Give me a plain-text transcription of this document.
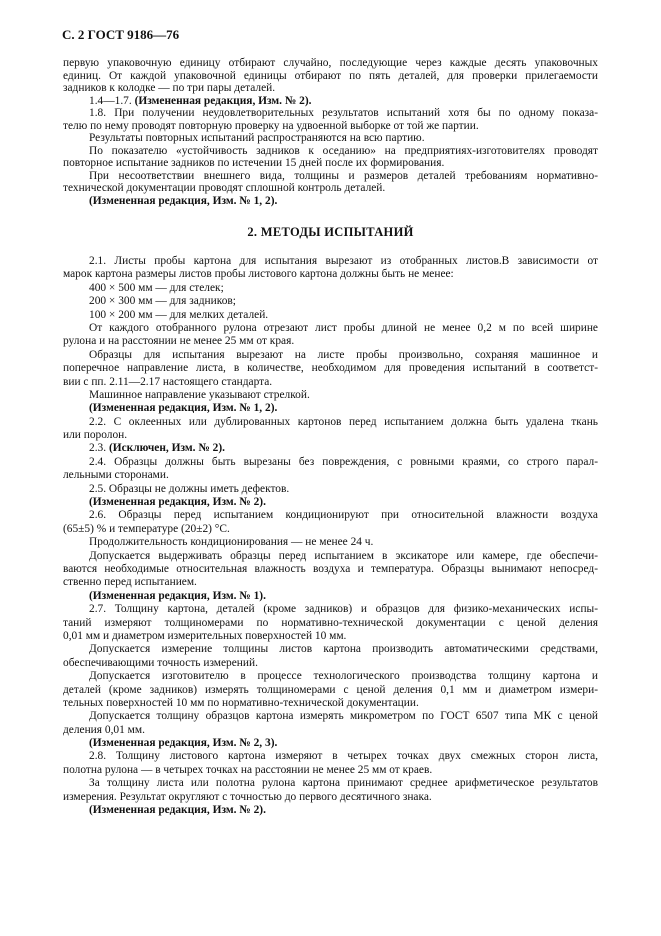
С. 2 ГОСТ 9186—76
первую упаковочную единицу отбирают случайно, последующие через каждые десять упаковочных
единиц. От каждой упаковочной единицы отбирают по пять деталей, для проверки прилегаемости
задников к колодке — по три пары деталей.
1.4—1.7. (Измененная редакция, Изм. № 2).
1.8. При получении неудовлетворительных результатов испытаний хотя бы по одному показа-
телю по нему проводят повторную проверку на удвоенной выборке от той же партии.
Результаты повторных испытаний распространяются на всю партию.
По показателю «устойчивость задников к оседанию» на предприятиях-изготовителях проводят
повторное испытание задников по истечении 15 дней после их формирования.
При несоответствии внешнего вида, толщины и размеров деталей требованиям нормативно-
технической документации проводят сплошной контроль деталей.
(Измененная редакция, Изм. № 1, 2).
2. МЕТОДЫ ИСПЫТАНИЙ
2.1. Листы пробы картона для испытания вырезают из отобранных листов.В зависимости от
марок картона размеры листов пробы листового картона должны быть не менее:
400 × 500 мм — для стелек;
200 × 300 мм — для задников;
100 × 200 мм — для мелких деталей.
От каждого отобранного рулона отрезают лист пробы длиной не менее 0,2 м по всей ширине
рулона и на расстоянии не менее 25 мм от края.
Образцы для испытания вырезают на листе пробы произвольно, сохраняя машинное и
поперечное направление листа, в количестве, необходимом для проведения испытаний в соответст-
вии с пп. 2.11—2.17 настоящего стандарта.
Машинное направление указывают стрелкой.
(Измененная редакция, Изм. № 1, 2).
2.2. С оклеенных или дублированных картонов перед испытанием должна быть удалена ткань
или поролон.
2.3. (Исключен, Изм. № 2).
2.4. Образцы должны быть вырезаны без повреждения, с ровными краями, со строго парал-
лельными сторонами.
2.5. Образцы не должны иметь дефектов.
(Измененная редакция, Изм. № 2).
2.6. Образцы перед испытанием кондиционируют при относительной влажности воздуха
(65±5) % и температуре (20±2) °С.
Продолжительность кондиционирования — не менее 24 ч.
Допускается выдерживать образцы перед испытанием в эксикаторе или камере, где обеспечи-
ваются необходимые относительная влажность воздуха и температура. Образцы вынимают непосред-
ственно перед испытанием.
(Измененная редакция, Изм. № 1).
2.7. Толщину картона, деталей (кроме задников) и образцов для физико-механических испы-
таний измеряют толщиномерами по нормативно-технической документации с ценой деления
0,01 мм и диаметром измерительных поверхностей 10 мм.
Допускается измерение толщины листов картона производить автоматическими средствами,
обеспечивающими точность измерений.
Допускается изготовителю в процессе технологического производства толщину картона и
деталей (кроме задников) измерять толщиномерами с ценой деления 0,1 мм и диаметром измери-
тельных поверхностей 10 мм по нормативно-технической документации.
Допускается толщину образцов картона измерять микрометром по ГОСТ 6507 типа МК с ценой
деления 0,01 мм.
(Измененная редакция, Изм. № 2, 3).
2.8. Толщину листового картона измеряют в четырех точках двух смежных сторон листа,
полотна рулона — в четырех точках на расстоянии не менее 25 мм от краев.
За толщину листа или полотна рулона картона принимают среднее арифметическое результатов
измерения. Результат округляют с точностью до первого десятичного знака.
(Измененная редакция, Изм. № 2).
